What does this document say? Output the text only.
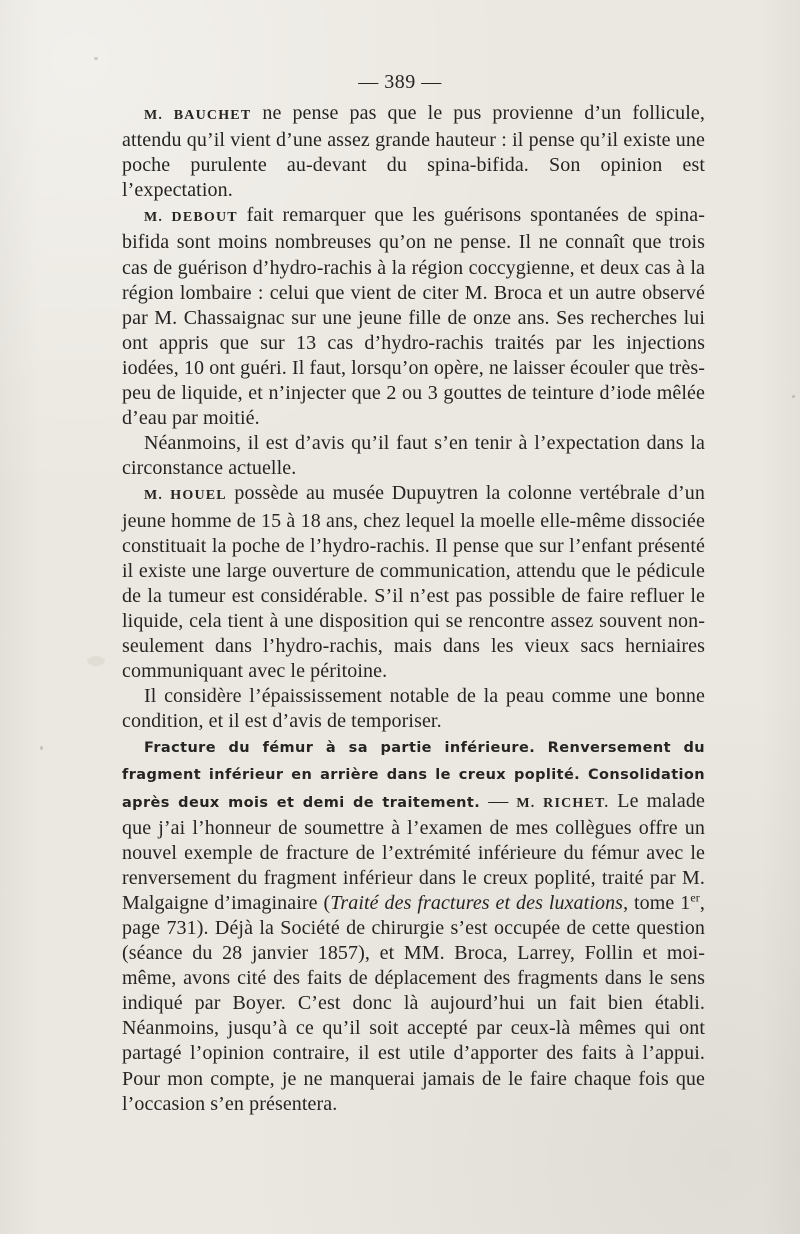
— 389 —

M. BAUCHET ne pense pas que le pus provienne d’un follicule, attendu qu’il vient d’une assez grande hauteur : il pense qu’il existe une poche purulente au-devant du spina-bifida. Son opinion est l’expectation.

M. DEBOUT fait remarquer que les guérisons spontanées de spina-bifida sont moins nombreuses qu’on ne pense. Il ne connaît que trois cas de guérison d’hydro-rachis à la région coccygienne, et deux cas à la région lombaire : celui que vient de citer M. Broca et un autre observé par M. Chassaignac sur une jeune fille de onze ans. Ses recherches lui ont appris que sur 13 cas d’hydro-rachis traités par les injections iodées, 10 ont guéri. Il faut, lorsqu’on opère, ne laisser écouler que très-peu de liquide, et n’injecter que 2 ou 3 gouttes de teinture d’iode mêlée d’eau par moitié.

Néanmoins, il est d’avis qu’il faut s’en tenir à l’expectation dans la circonstance actuelle.

M. HOUEL possède au musée Dupuytren la colonne vertébrale d’un jeune homme de 15 à 18 ans, chez lequel la moelle elle-même dissociée constituait la poche de l’hydro-rachis. Il pense que sur l’enfant présenté il existe une large ouverture de communication, attendu que le pédicule de la tumeur est considérable. S’il n’est pas possible de faire refluer le liquide, cela tient à une disposition qui se rencontre assez souvent non-seulement dans l’hydro-rachis, mais dans les vieux sacs herniaires communiquant avec le péritoine.

Il considère l’épaississement notable de la peau comme une bonne condition, et il est d’avis de temporiser.

Fracture du fémur à sa partie inférieure. Renversement du fragment inférieur en arrière dans le creux poplité. Consolidation après deux mois et demi de traitement. — M. RICHET. Le malade que j’ai l’honneur de soumettre à l’examen de mes collègues offre un nouvel exemple de fracture de l’extrémité inférieure du fémur avec le renversement du fragment inférieur dans le creux poplité, traité par M. Malgaigne d’imaginaire (Traité des fractures et des luxations, tome 1er, page 731). Déjà la Société de chirurgie s’est occupée de cette question (séance du 28 janvier 1857), et MM. Broca, Larrey, Follin et moi-même, avons cité des faits de déplacement des fragments dans le sens indiqué par Boyer. C’est donc là aujourd’hui un fait bien établi. Néanmoins, jusqu’à ce qu’il soit accepté par ceux-là mêmes qui ont partagé l’opinion contraire, il est utile d’apporter des faits à l’appui. Pour mon compte, je ne manquerai jamais de le faire chaque fois que l’occasion s’en présentera.
